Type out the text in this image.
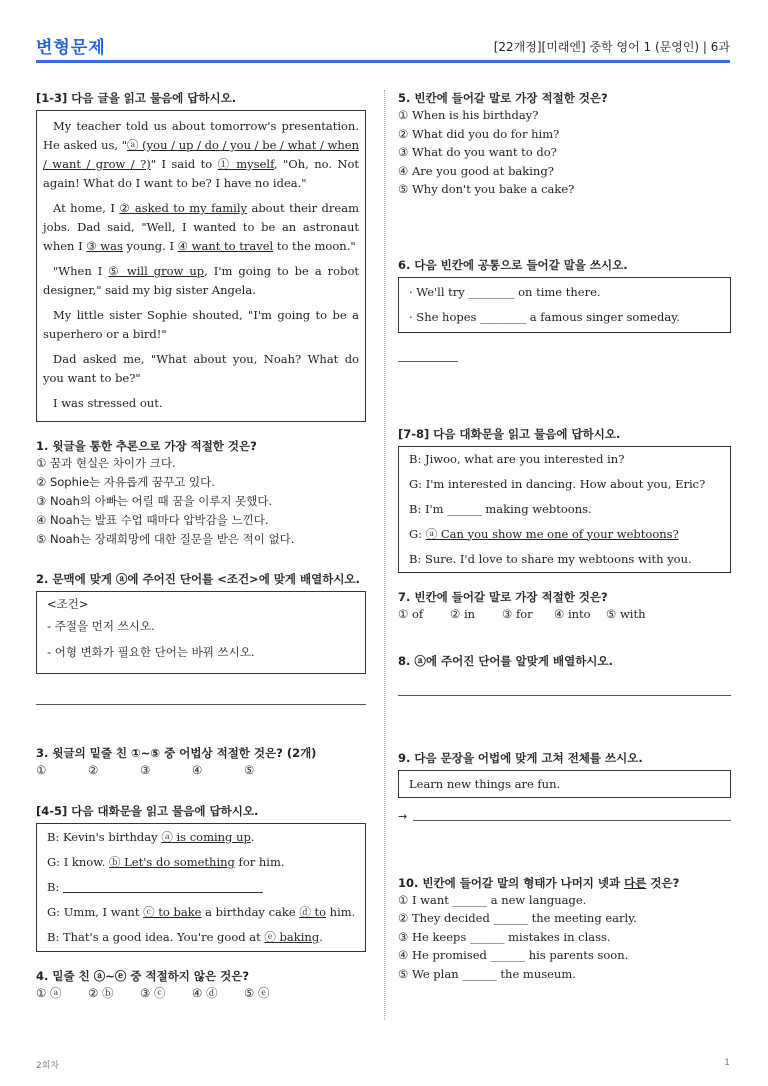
변형문제	[22개정][미래엔] 중학 영어 1 (문영인) | 6과
[1-3] 다음 글을 읽고 물음에 답하시오.

My teacher told us about tomorrow's presentation. He asked us, "ⓐ (you / up / do / you / be / what / when / want / grow / ?)" I said to ① myself, "Oh, no. Not again! What do I want to be? I have no idea."

At home, I ② asked to my family about their dream jobs. Dad said, "Well, I wanted to be an astronaut when I ③ was young. I ④ want to travel to the moon."

"When I ⑤ will grow up, I'm going to be a robot designer," said my big sister Angela.

My little sister Sophie shouted, "I'm going to be a superhero or a bird!"

Dad asked me, "What about you, Noah? What do you want to be?"

I was stressed out.

1. 윗글을 통한 추론으로 가장 적절한 것은?
① 꿈과 현실은 차이가 크다.
② Sophie는 자유롭게 꿈꾸고 있다.
③ Noah의 아빠는 어릴 때 꿈을 이루지 못했다.
④ Noah는 발표 수업 때마다 압박감을 느낀다.
⑤ Noah는 장래희망에 대한 질문을 받은 적이 없다.
2. 문맥에 맞게 ⓐ에 주어진 단어를 <조건>에 맞게 배열하시오.
<조건>
- 주절을 먼저 쓰시오.
- 어형 변화가 필요한 단어는 바꿔 쓰시오.
3. 윗글의 밑줄 친 ①~⑤ 중 어법상 적절한 것은? (2개)
①	②	③	④	⑤
[4-5] 다음 대화문을 읽고 물음에 답하시오.

B: Kevin's birthday ⓐ is coming up.

G: I know. ⓑ Let's do something for him.

B:

G: Umm, I want ⓒ to bake a birthday cake ⓓ to him.

B: That's a good idea. You're good at ⓔ baking.

4. 밑줄 친 ⓐ~ⓔ 중 적절하지 않은 것은?
① ⓐ	② ⓑ	③ ⓒ	④ ⓓ	⑤ ⓔ
5. 빈칸에 들어갈 말로 가장 적절한 것은?
① When is his birthday?
② What did you do for him?
③ What do you want to do?
④ Are you good at baking?
⑤ Why don't you bake a cake?
6. 다음 빈칸에 공통으로 들어갈 말을 쓰시오.
· We'll try ________ on time there.
· She hopes ________ a famous singer someday.
[7-8] 다음 대화문을 읽고 물음에 답하시오.

B: Jiwoo, what are you interested in?

G: I'm interested in dancing. How about you, Eric?

B: I'm ______ making webtoons.

G: ⓐ Can you show me one of your webtoons?

B: Sure. I'd love to share my webtoons with you.

7. 빈칸에 들어갈 말로 가장 적절한 것은?
① of	② in	③ for	④ into	⑤ with
8. ⓐ에 주어진 단어를 알맞게 배열하시오.
9. 다음 문장을 어법에 맞게 고쳐 전체를 쓰시오.
Learn new things are fun.
→
10. 빈칸에 들어갈 말의 형태가 나머지 넷과 다른 것은?
① I want ______ a new language.
② They decided ______ the meeting early.
③ He keeps ______ mistakes in class.
④ He promised ______ his parents soon.
⑤ We plan ______ the museum.
2회차	1
